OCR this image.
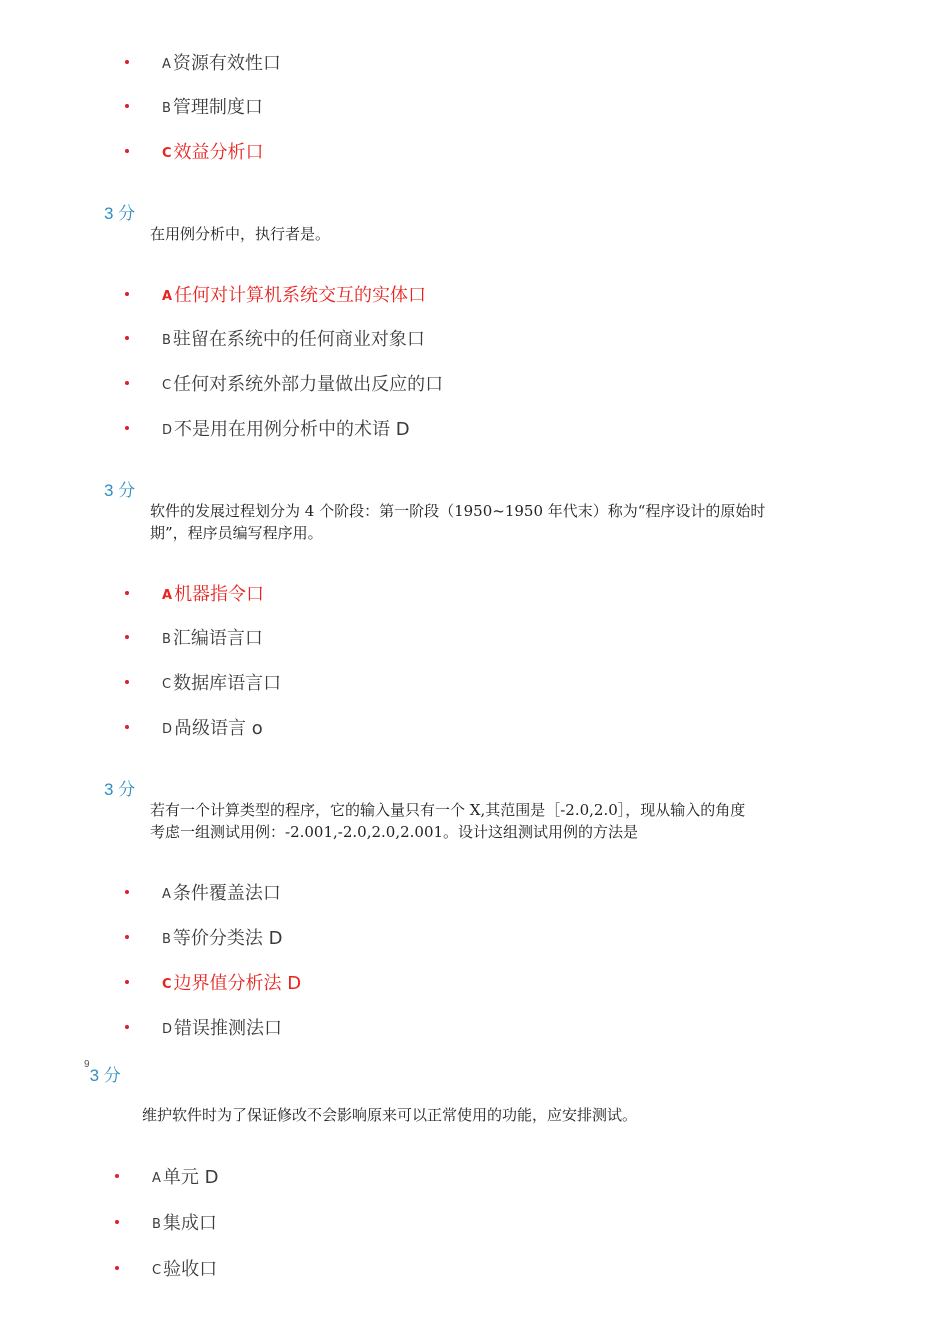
A 资源有效性口
B 管理制度口
C 效益分析口
3 分
在用例分析中，执行者是。
A 任何对计算机系统交互的实体口
B 驻留在系统中的任何商业对象口
C 任何对系统外部力量做出反应的口
D 不是用在用例分析中的术语 D
3 分
软件的发展过程划分为 4 个阶段：第一阶段（1950~1950 年代末）称为“程序设计的原始时
期”，程序员编写程序用。
A 机器指令口
B 汇编语言口
C 数据库语言口
D 咼级语言 o
3 分
若有一个计算类型的程序，它的输入量只有一个 X,其范围是［-2.0,2.0］，现从输入的角度
考虑一组测试用例：-2.001,-2.0,2.0,2.001。设计这组测试用例的方法是
A 条件覆盖法口
B 等价分类法 D
C 边界值分析法 D
D 错误推测法口
$^9$3 分
维护软件时为了保证修改不会影响原来可以正常使用的功能，应安排测试。
A 单元 D
B 集成口
C 验收口
